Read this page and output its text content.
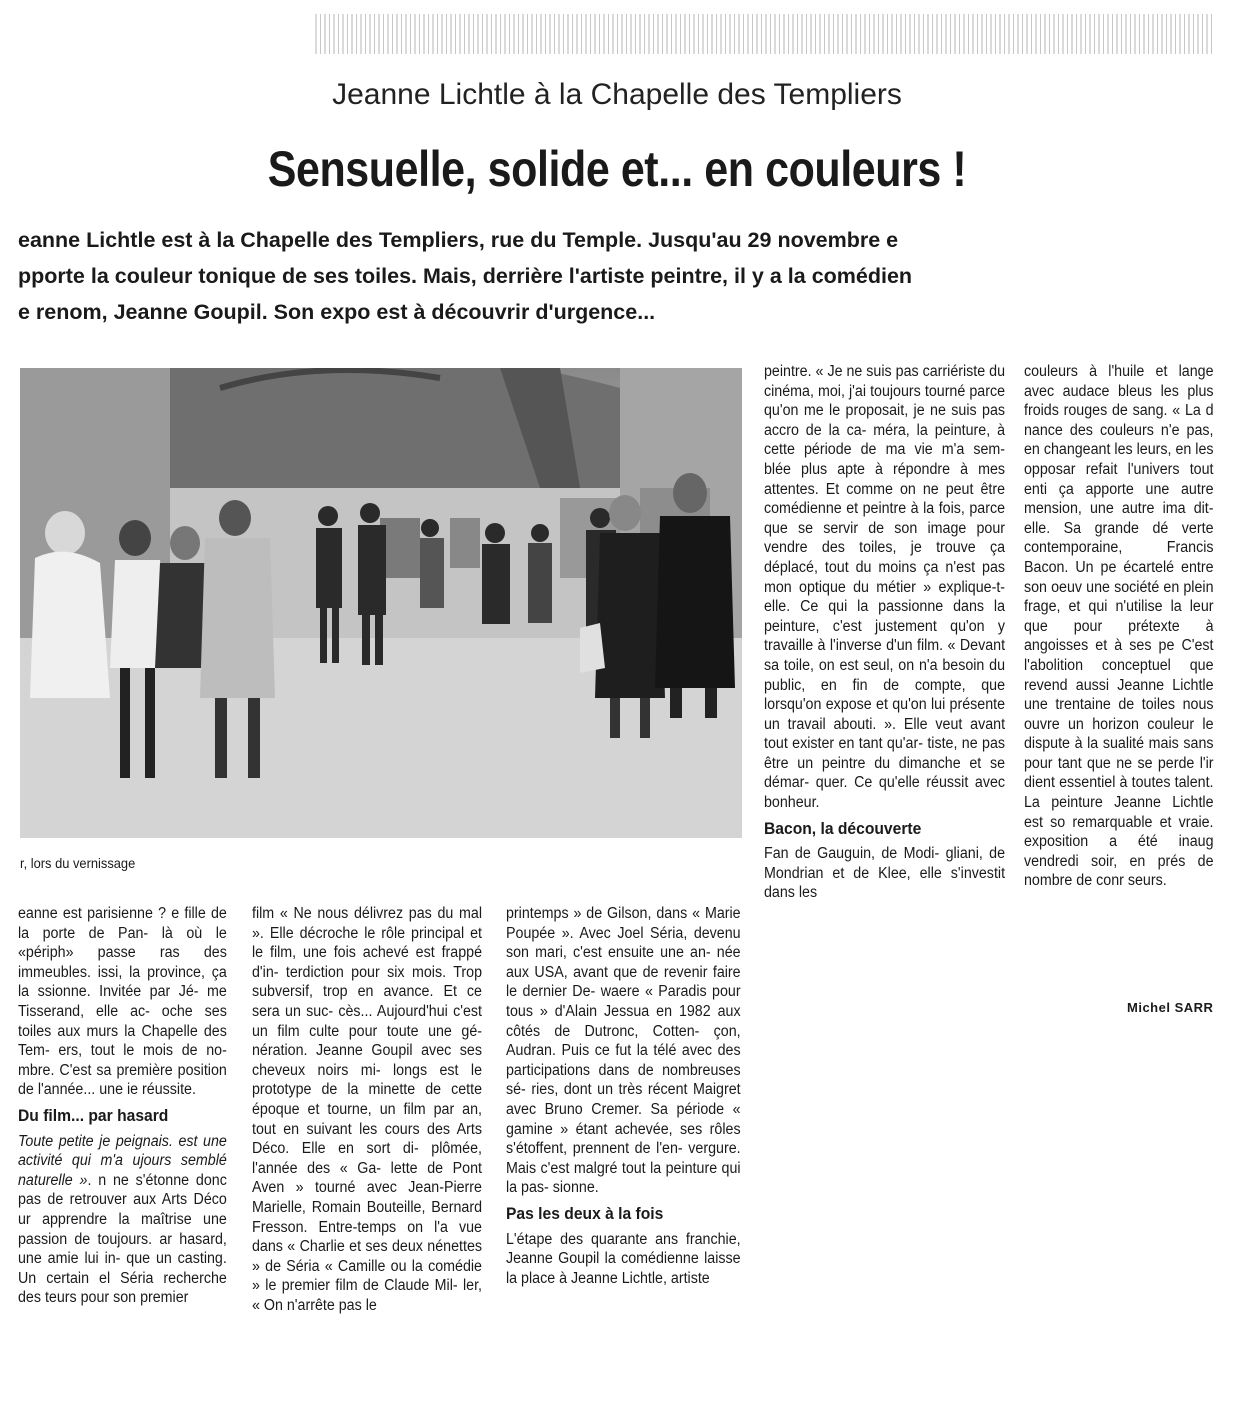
Jeanne Lichtle à la Chapelle des Templiers
Sensuelle, solide et... en couleurs !
eanne Lichtle est à la Chapelle des Templiers, rue du Temple. Jusqu'au 29 novembre e
pporte la couleur tonique de ses toiles. Mais, derrière l'artiste peintre, il y a la comédien
e renom, Jeanne Goupil. Son expo est à découvrir d'urgence...
r, lors du vernissage

eanne est parisienne ? e fille de la porte de Pan- là où le «périph» passe ras des immeubles. issi, la province, ça la ssionne. Invitée par Jé- me Tisserand, elle ac- oche ses toiles aux murs la Chapelle des Tem- ers, tout le mois de no- mbre. C'est sa première position de l'année... une ie réussite.

Du film... par hasard

Toute petite je peignais. est une activité qui m'a ujours semblé naturelle ». n ne s'étonne donc pas de retrouver aux Arts Déco ur apprendre la maîtrise une passion de toujours. ar hasard, une amie lui in- que un casting. Un certain el Séria recherche des teurs pour son premier

film « Ne nous délivrez pas du mal ». Elle décroche le rôle principal et le film, une fois achevé est frappé d'in- terdiction pour six mois. Trop subversif, trop en avance. Et ce sera un suc- cès... Aujourd'hui c'est un film culte pour toute une gé- nération. Jeanne Goupil avec ses cheveux noirs mi- longs est le prototype de la minette de cette époque et tourne, un film par an, tout en suivant les cours des Arts Déco. Elle en sort di- plômée, l'année des « Ga- lette de Pont Aven » tourné avec Jean-Pierre Marielle, Romain Bouteille, Bernard Fresson. Entre-temps on l'a vue dans « Charlie et ses deux nénettes » de Séria « Camille ou la comédie » le premier film de Claude Mil- ler, « On n'arrête pas le

printemps » de Gilson, dans « Marie Poupée ». Avec Joel Séria, devenu son mari, c'est ensuite une an- née aux USA, avant que de revenir faire le dernier De- waere « Paradis pour tous » d'Alain Jessua en 1982 aux côtés de Dutronc, Cotten- çon, Audran. Puis ce fut la télé avec des participations dans de nombreuses sé- ries, dont un très récent Maigret avec Bruno Cremer. Sa période « gamine » étant achevée, ses rôles s'étoffent, prennent de l'en- vergure. Mais c'est malgré tout la peinture qui la pas- sionne.

Pas les deux à la fois

L'étape des quarante ans franchie, Jeanne Goupil la comédienne laisse la place à Jeanne Lichtle, artiste

peintre. « Je ne suis pas carriériste du cinéma, moi, j'ai toujours tourné parce qu'on me le proposait, je ne suis pas accro de la ca- méra, la peinture, à cette période de ma vie m'a sem- blée plus apte à répondre à mes attentes. Et comme on ne peut être comédienne et peintre à la fois, parce que se servir de son image pour vendre des toiles, je trouve ça déplacé, tout du moins ça n'est pas mon optique du métier » explique-t-elle. Ce qui la passionne dans la peinture, c'est justement qu'on y travaille à l'inverse d'un film. « Devant sa toile, on est seul, on n'a besoin du public, en fin de compte, que lorsqu'on expose et qu'on lui présente un travail abouti. ». Elle veut avant tout exister en tant qu'ar- tiste, ne pas être un peintre du dimanche et se démar- quer. Ce qu'elle réussit avec bonheur.

Bacon, la découverte

Fan de Gauguin, de Modi- gliani, de Mondrian et de Klee, elle s'investit dans les

couleurs à l'huile et lange avec audace bleus les plus froids rouges de sang. « La d nance des couleurs n'e pas, en changeant les leurs, en les opposar refait l'univers tout enti ça apporte une autre mension, une autre ima dit-elle. Sa grande dé verte contemporaine, Francis Bacon. Un pe écartelé entre son oeuv une société en plein frage, et qui n'utilise la leur que pour prétexte à angoisses et à ses pe C'est l'abolition conceptuel que revend aussi Jeanne Lichtle une trentaine de toiles nous ouvre un horizon couleur le dispute à la sualité mais sans pour tant que ne se perde l'ir dient essentiel à toutes talent. La peinture Jeanne Lichtle est so remarquable et vraie. exposition a été inaug vendredi soir, en prés de nombre de conr seurs.

Michel SARR
